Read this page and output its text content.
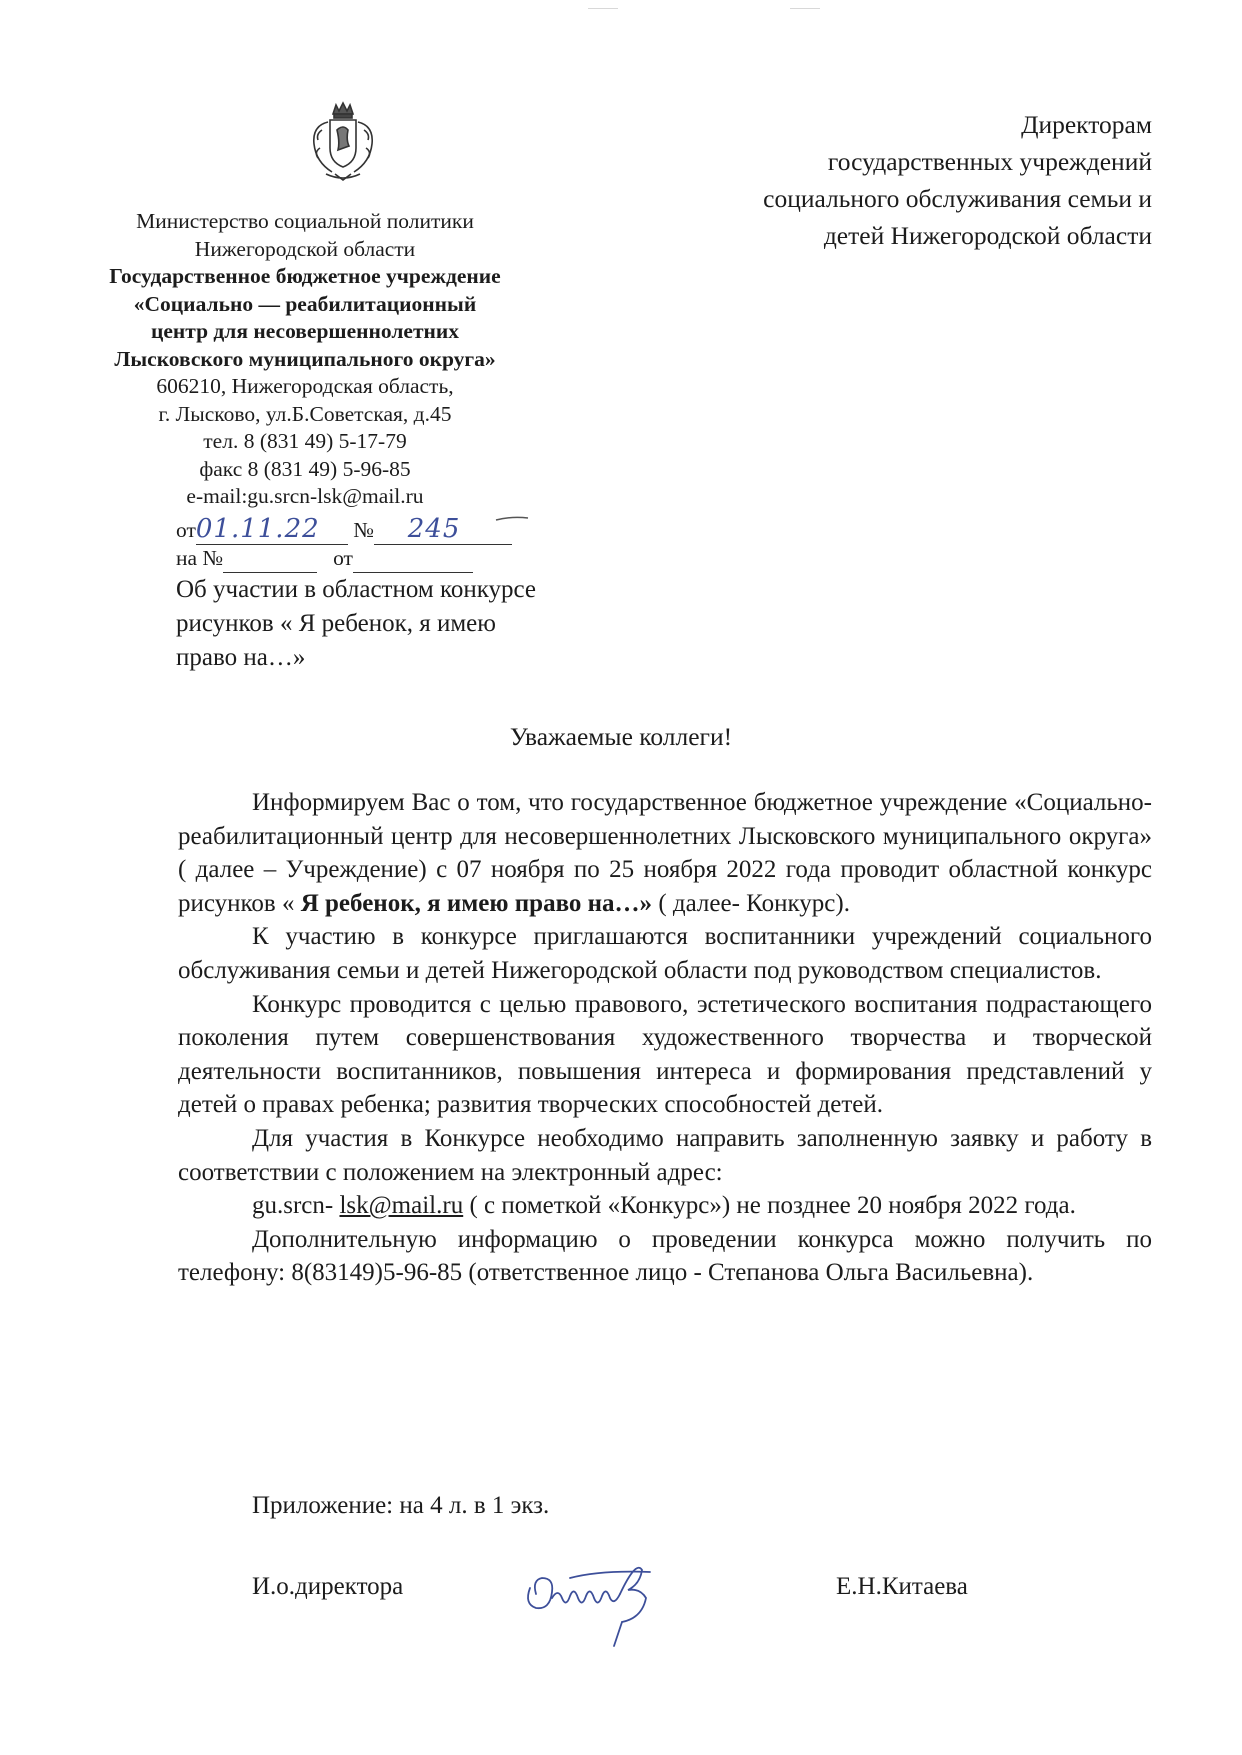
Министерство социальной политики
Нижегородской области
Государственное бюджетное учреждение
«Социально — реабилитационный
центр для несовершеннолетних
Лысковского муниципального округа»
606210, Нижегородская область,
г. Лысково, ул.Б.Советская, д.45
тел. 8 (831 49) 5-17-79
факс 8 (831 49) 5-96-85
e-mail:gu.srcn-lsk@mail.ru
от01.11.22 № 245
на №	от
Об участии в областном конкурсе
рисунков « Я ребенок, я имею
право на…»
Директорам
государственных учреждений
социального обслуживания семьи и
детей Нижегородской области
Уважаемые коллеги!

Информируем Вас о том, что государственное бюджетное учреждение «Социально-реабилитационный центр для несовершеннолетних Лысковского муниципального округа» ( далее – Учреждение) с 07 ноября по 25 ноября 2022 года проводит областной конкурс рисунков « Я ребенок, я имею право на…» ( далее- Конкурс).

К участию в конкурсе приглашаются воспитанники учреждений социального обслуживания семьи и детей Нижегородской области под руководством специалистов.

Конкурс проводится с целью правового, эстетического воспитания подрастающего поколения путем совершенствования художественного творчества и творческой деятельности воспитанников, повышения интереса и формирования представлений у детей о правах ребенка; развития творческих способностей детей.

Для участия в Конкурсе необходимо направить заполненную заявку и работу в соответствии с положением на электронный адрес:

gu.srcn- lsk@mail.ru ( с пометкой «Конкурс») не позднее 20 ноября 2022 года.

Дополнительную информацию о проведении конкурса можно получить по телефону: 8(83149)5-96-85 (ответственное лицо - Степанова Ольга Васильевна).

Приложение: на 4 л. в 1 экз.
И.о.директора	Е.Н.Китаева
